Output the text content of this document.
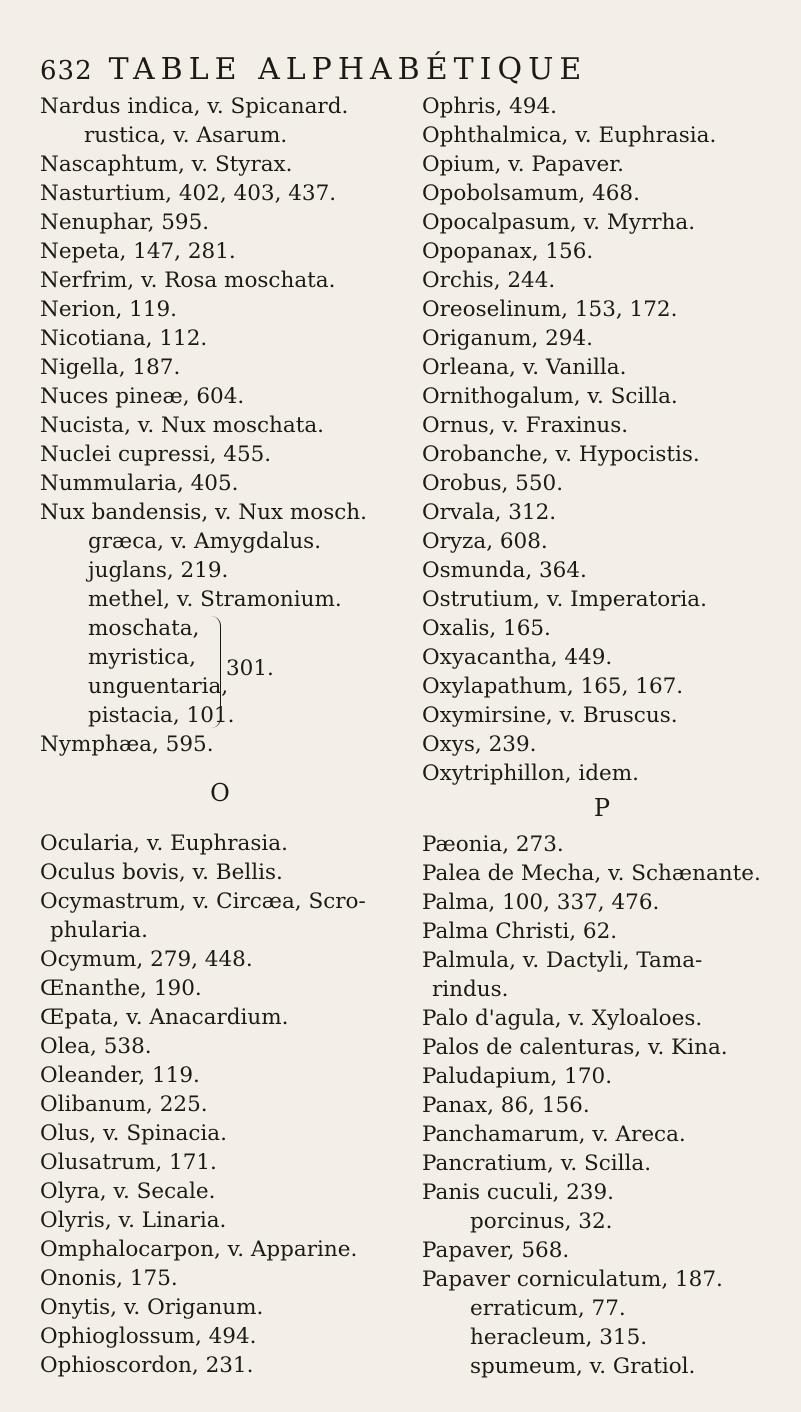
632 TABLE ALPHABÉTIQUE
Nardus indica, v. Spicanard.
rustica, v. Asarum.
Nascaphtum, v. Styrax.
Nasturtium, 402, 403, 437.
Nenuphar, 595.
Nepeta, 147, 281.
Nerfrim, v. Rosa moschata.
Nerion, 119.
Nicotiana, 112.
Nigella, 187.
Nuces pineæ, 604.
Nucista, v. Nux moschata.
Nuclei cupressi, 455.
Nummularia, 405.
Nux bandensis, v. Nux mosch.
græca, v. Amygdalus.
juglans, 219.
methel, v. Stramonium.
moschata,
myristica,
unguentaria,
301.
pistacia, 101.
Nymphæa, 595.
O
Ocularia, v. Euphrasia.
Oculus bovis, v. Bellis.
Ocymastrum, v. Circæa, Scro-
phularia.
Ocymum, 279, 448.
Œnanthe, 190.
Œpata, v. Anacardium.
Olea, 538.
Oleander, 119.
Olibanum, 225.
Olus, v. Spinacia.
Olusatrum, 171.
Olyra, v. Secale.
Olyris, v. Linaria.
Omphalocarpon, v. Apparine.
Ononis, 175.
Onytis, v. Origanum.
Ophioglossum, 494.
Ophioscordon, 231.
Ophris, 494.
Ophthalmica, v. Euphrasia.
Opium, v. Papaver.
Opobolsamum, 468.
Opocalpasum, v. Myrrha.
Opopanax, 156.
Orchis, 244.
Oreoselinum, 153, 172.
Origanum, 294.
Orleana, v. Vanilla.
Ornithogalum, v. Scilla.
Ornus, v. Fraxinus.
Orobanche, v. Hypocistis.
Orobus, 550.
Orvala, 312.
Oryza, 608.
Osmunda, 364.
Ostrutium, v. Imperatoria.
Oxalis, 165.
Oxyacantha, 449.
Oxylapathum, 165, 167.
Oxymirsine, v. Bruscus.
Oxys, 239.
Oxytriphillon, idem.
P
Pæonia, 273.
Palea de Mecha, v. Schænante.
Palma, 100, 337, 476.
Palma Christi, 62.
Palmula, v. Dactyli, Tama-
rindus.
Palo d'agula, v. Xyloaloes.
Palos de calenturas, v. Kina.
Paludapium, 170.
Panax, 86, 156.
Panchamarum, v. Areca.
Pancratium, v. Scilla.
Panis cuculi, 239.
porcinus, 32.
Papaver, 568.
Papaver corniculatum, 187.
erraticum, 77.
heracleum, 315.
spumeum, v. Gratiol.
